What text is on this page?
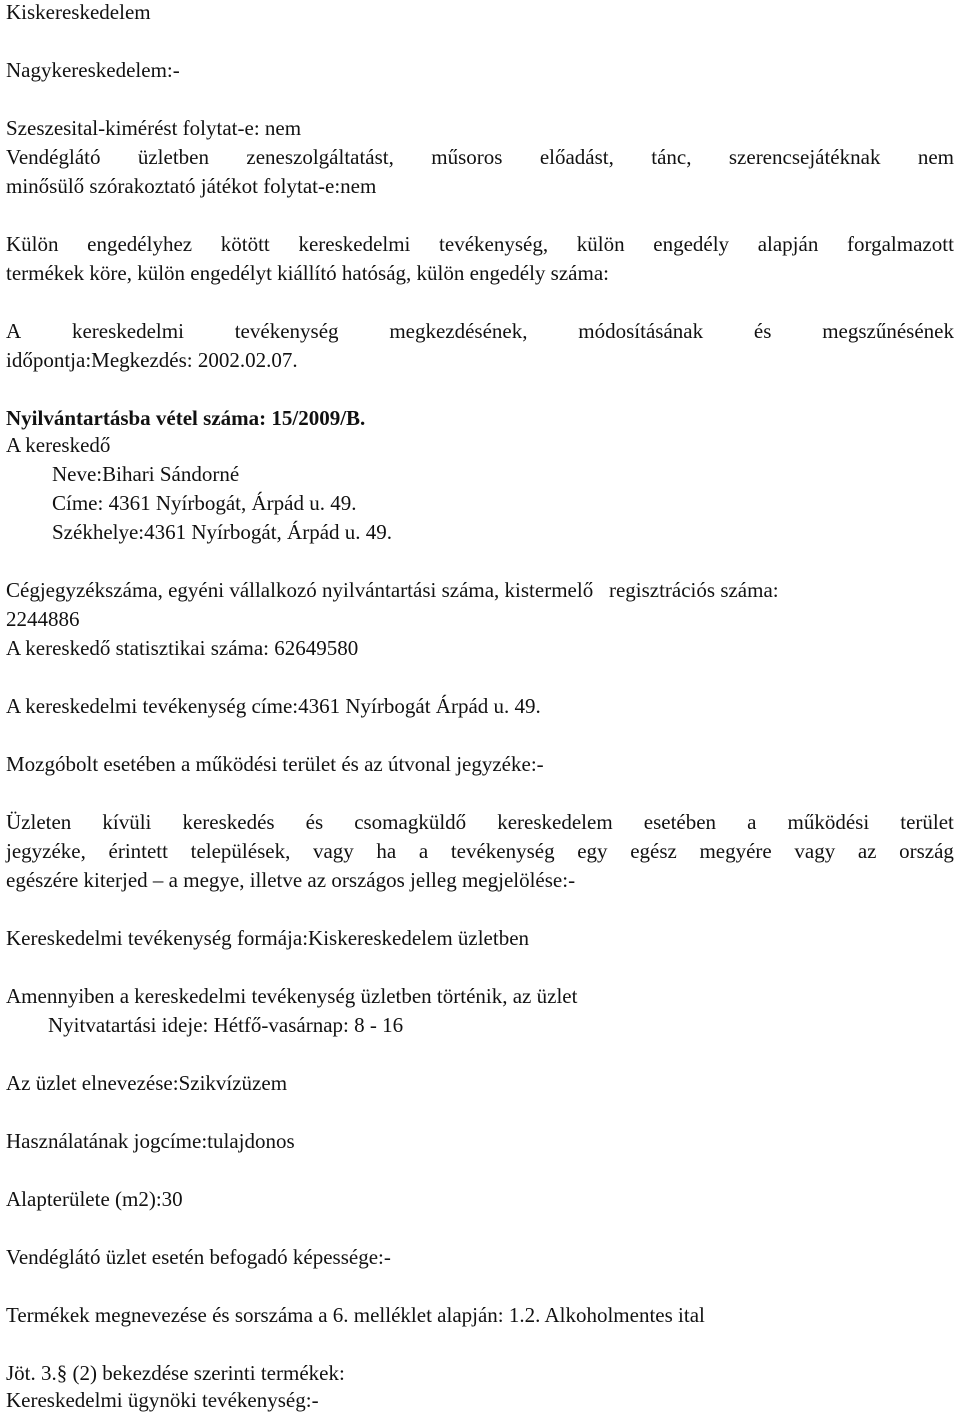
Kiskereskedelem
Nagykereskedelem:-
Szeszesital-kimérést folytat-e: nem
Vendéglátó üzletben zeneszolgáltatást, műsoros előadást, tánc, szerencsejátéknak nem
minősülő szórakoztató játékot folytat-e:nem
Külön engedélyhez kötött kereskedelmi tevékenység, külön engedély alapján forgalmazott
termékek köre, külön engedélyt kiállító hatóság, külön engedély száma:
A kereskedelmi tevékenység megkezdésének, módosításának és megszűnésének
időpontja:Megkezdés: 2002.02.07.
Nyilvántartásba vétel száma: 15/2009/B.
A kereskedő
Neve:Bihari Sándorné
Címe: 4361 Nyírbogát, Árpád u. 49.
Székhelye:4361 Nyírbogát, Árpád u. 49.
Cégjegyzékszáma, egyéni vállalkozó nyilvántartási száma, kistermelő   regisztrációs száma:
2244886
A kereskedő statisztikai száma: 62649580
A kereskedelmi tevékenység címe:4361 Nyírbogát Árpád u. 49.
Mozgóbolt esetében a működési terület és az útvonal jegyzéke:-
Üzleten kívüli kereskedés és csomagküldő kereskedelem esetében a működési terület
jegyzéke, érintett települések, vagy ha a tevékenység egy egész megyére vagy az ország
egészére kiterjed – a megye, illetve az országos jelleg megjelölése:-
Kereskedelmi tevékenység formája:Kiskereskedelem üzletben
Amennyiben a kereskedelmi tevékenység üzletben történik, az üzlet
Nyitvatartási ideje: Hétfő-vasárnap: 8 - 16
Az üzlet elnevezése:Szikvízüzem
Használatának jogcíme:tulajdonos
Alapterülete (m2):30
Vendéglátó üzlet esetén befogadó képessége:-
Termékek megnevezése és sorszáma a 6. melléklet alapján: 1.2. Alkoholmentes ital
Jöt. 3.§ (2) bekezdése szerinti termékek:
Kereskedelmi ügynöki tevékenység:-
